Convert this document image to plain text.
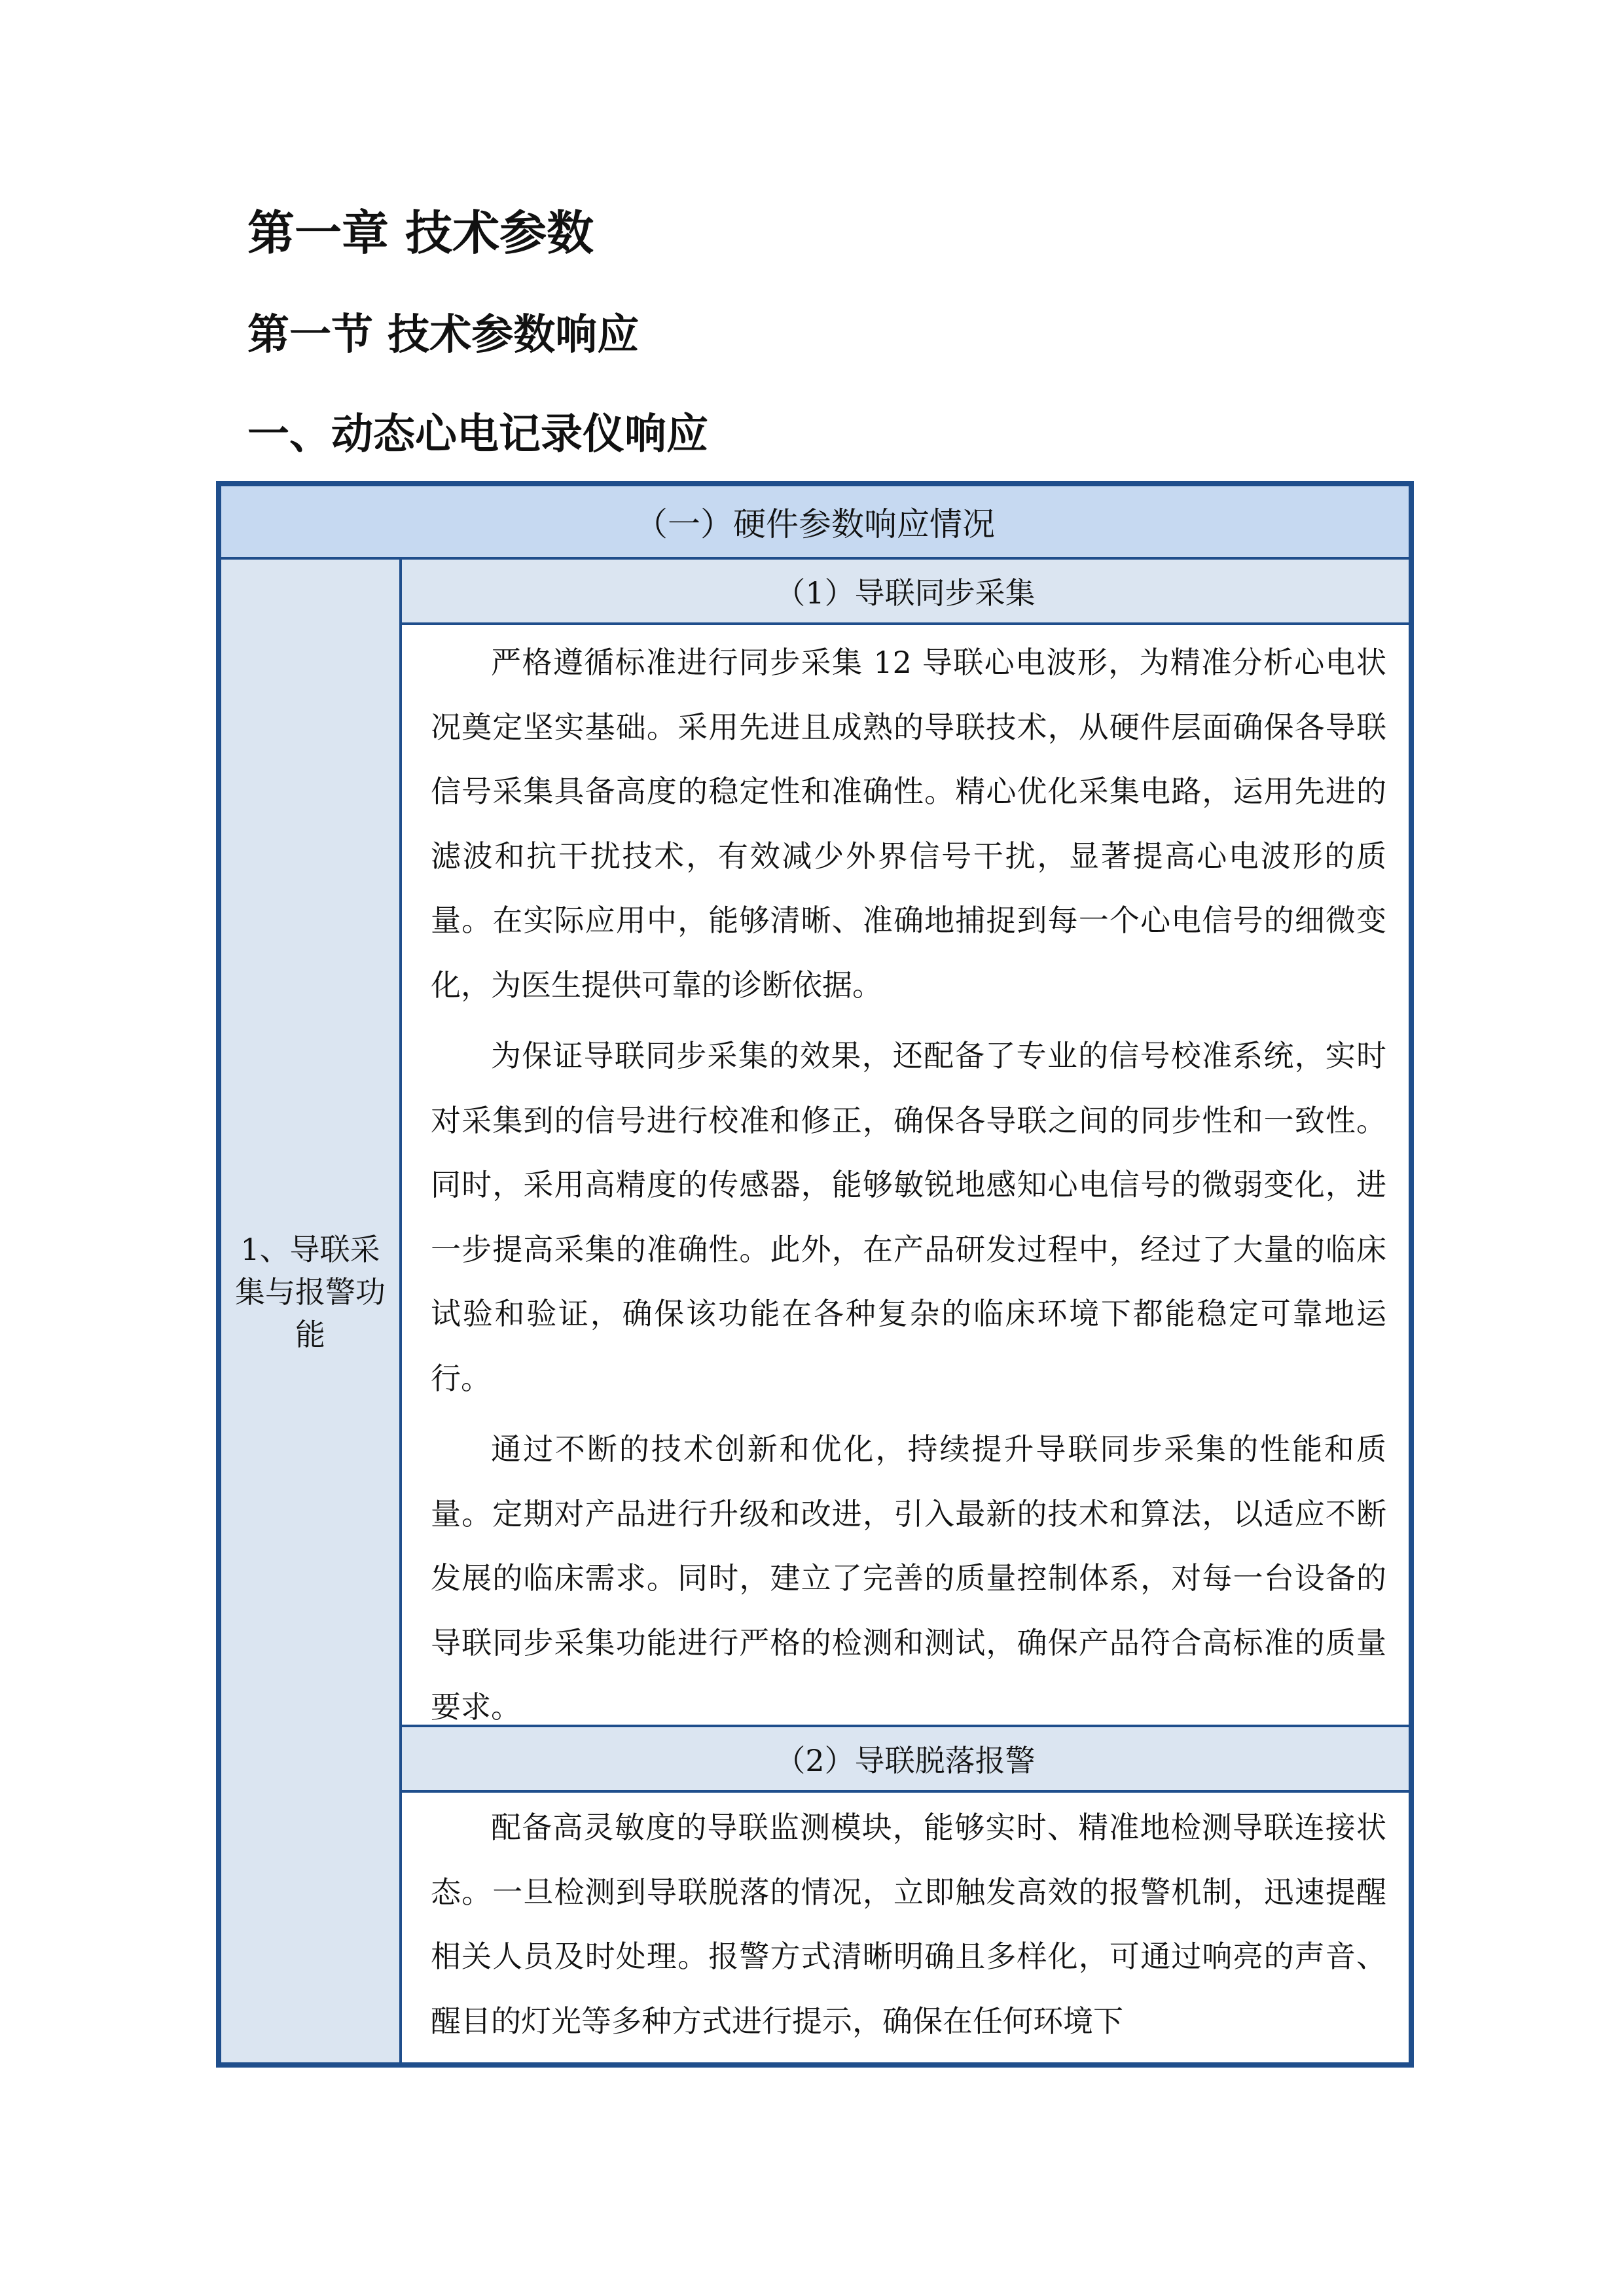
第一章 技术参数
第一节 技术参数响应
一、动态心电记录仪响应
（一）硬件参数响应情况
1、导联采集与报警功能
（1）导联同步采集

严格遵循标准进行同步采集 12 导联心电波形，为精准分析心电状况奠定坚实基础。采用先进且成熟的导联技术，从硬件层面确保各导联信号采集具备高度的稳定性和准确性。精心优化采集电路，运用先进的滤波和抗干扰技术，有效减少外界信号干扰，显著提高心电波形的质量。在实际应用中，能够清晰、准确地捕捉到每一个心电信号的细微变化，为医生提供可靠的诊断依据。

为保证导联同步采集的效果，还配备了专业的信号校准系统，实时对采集到的信号进行校准和修正，确保各导联之间的同步性和一致性。同时，采用高精度的传感器，能够敏锐地感知心电信号的微弱变化，进一步提高采集的准确性。此外，在产品研发过程中，经过了大量的临床试验和验证，确保该功能在各种复杂的临床环境下都能稳定可靠地运行。

通过不断的技术创新和优化，持续提升导联同步采集的性能和质量。定期对产品进行升级和改进，引入最新的技术和算法，以适应不断发展的临床需求。同时，建立了完善的质量控制体系，对每一台设备的导联同步采集功能进行严格的检测和测试，确保产品符合高标准的质量要求。

（2）导联脱落报警

配备高灵敏度的导联监测模块，能够实时、精准地检测导联连接状态。一旦检测到导联脱落的情况，立即触发高效的报警机制，迅速提醒相关人员及时处理。报警方式清晰明确且多样化，可通过响亮的声音、醒目的灯光等多种方式进行提示，确保在任何环境下
